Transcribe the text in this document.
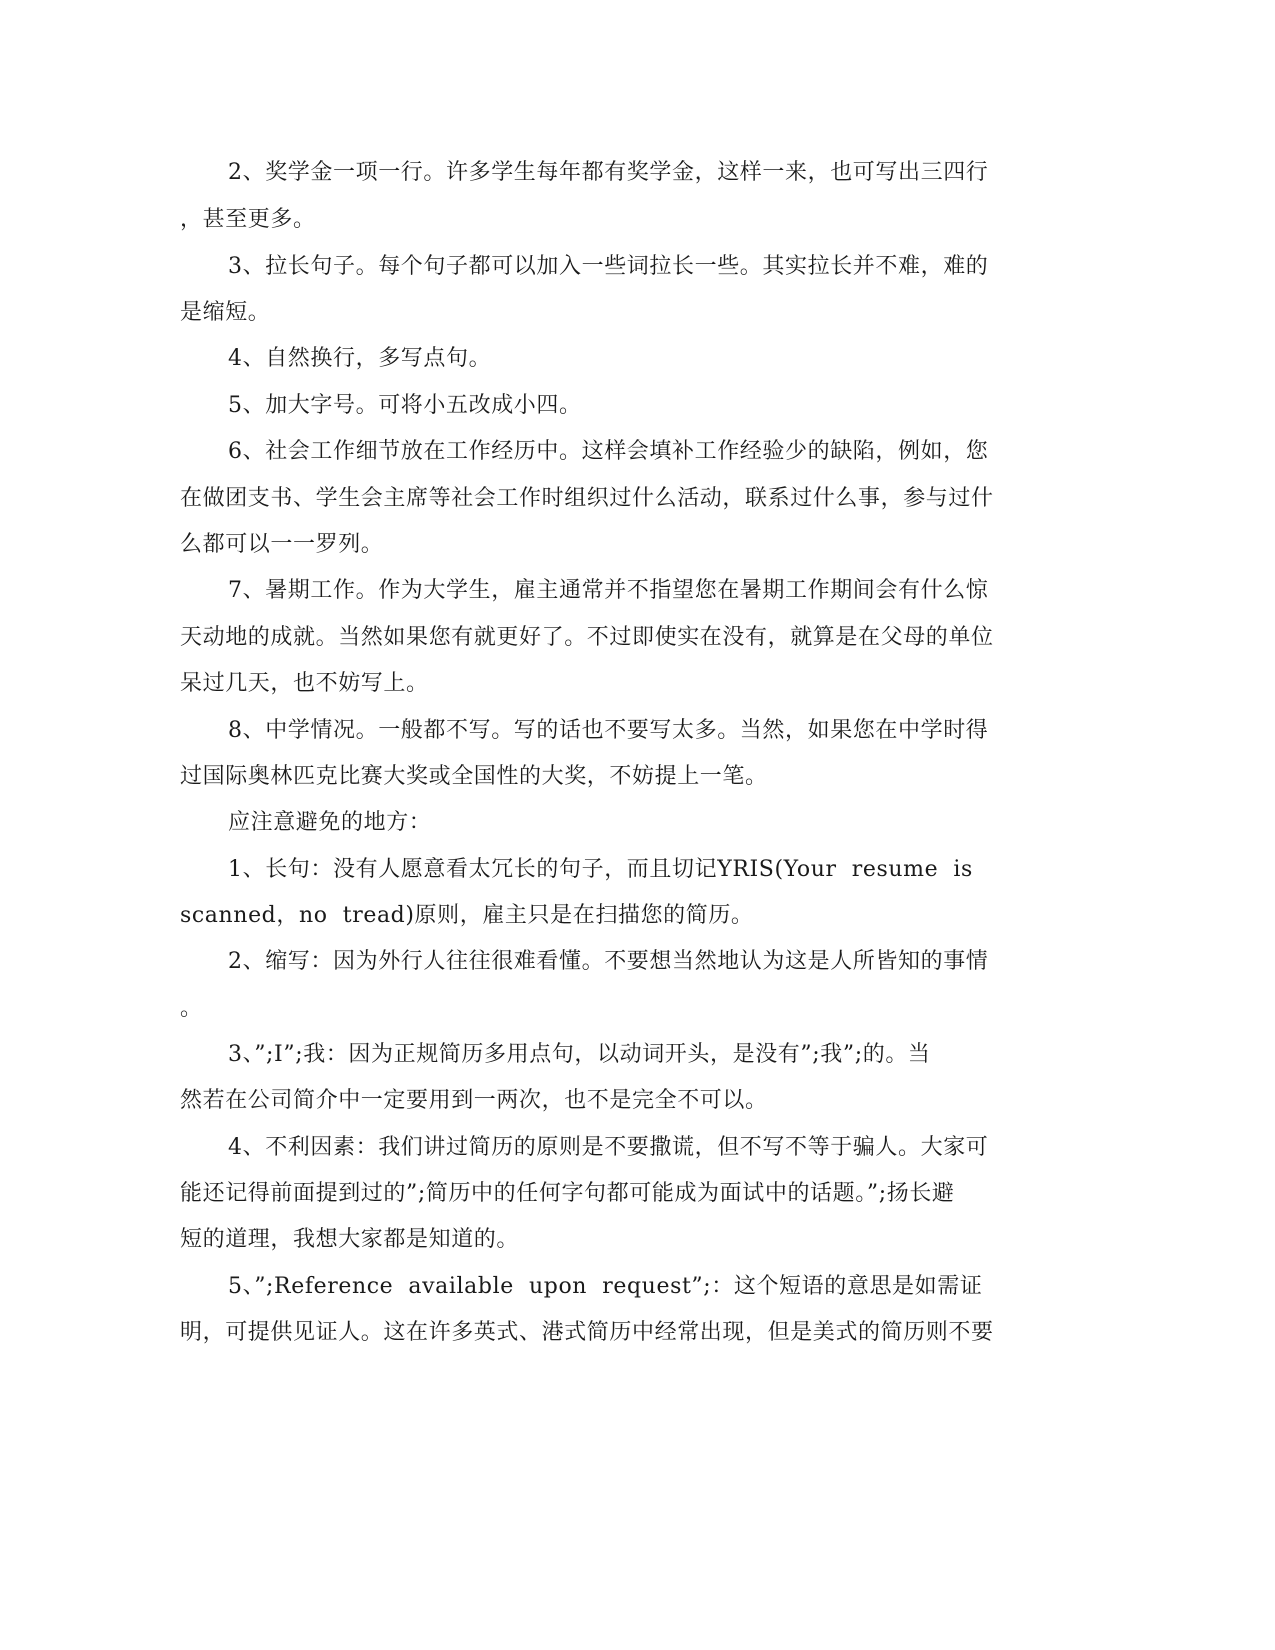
2、奖学金一项一行。许多学生每年都有奖学金，这样一来，也可写出三四行
，甚至更多。
3、拉长句子。每个句子都可以加入一些词拉长一些。其实拉长并不难，难的
是缩短。
4、自然换行，多写点句。
5、加大字号。可将小五改成小四。
6、社会工作细节放在工作经历中。这样会填补工作经验少的缺陷，例如，您
在做团支书、学生会主席等社会工作时组织过什么活动，联系过什么事，参与过什
么都可以一一罗列。
7、暑期工作。作为大学生，雇主通常并不指望您在暑期工作期间会有什么惊
天动地的成就。当然如果您有就更好了。不过即使实在没有，就算是在父母的单位
呆过几天，也不妨写上。
8、中学情况。一般都不写。写的话也不要写太多。当然，如果您在中学时得
过国际奥林匹克比赛大奖或全国性的大奖，不妨提上一笔。
应注意避免的地方：
1、长句：没有人愿意看太冗长的句子，而且切记YRIS(Your  resume  is
scanned，no  tread)原则，雇主只是在扫描您的简历。
2、缩写：因为外行人往往很难看懂。不要想当然地认为这是人所皆知的事情
。
3、”;I”;我：因为正规简历多用点句，以动词开头，是没有”;我”;的。当
然若在公司简介中一定要用到一两次，也不是完全不可以。
4、不利因素：我们讲过简历的原则是不要撒谎，但不写不等于骗人。大家可
能还记得前面提到过的”;简历中的任何字句都可能成为面试中的话题。”;扬长避
短的道理，我想大家都是知道的。
5、”;Reference  available  upon  request”;：这个短语的意思是如需证
明，可提供见证人。这在许多英式、港式简历中经常出现，但是美式的简历则不要
